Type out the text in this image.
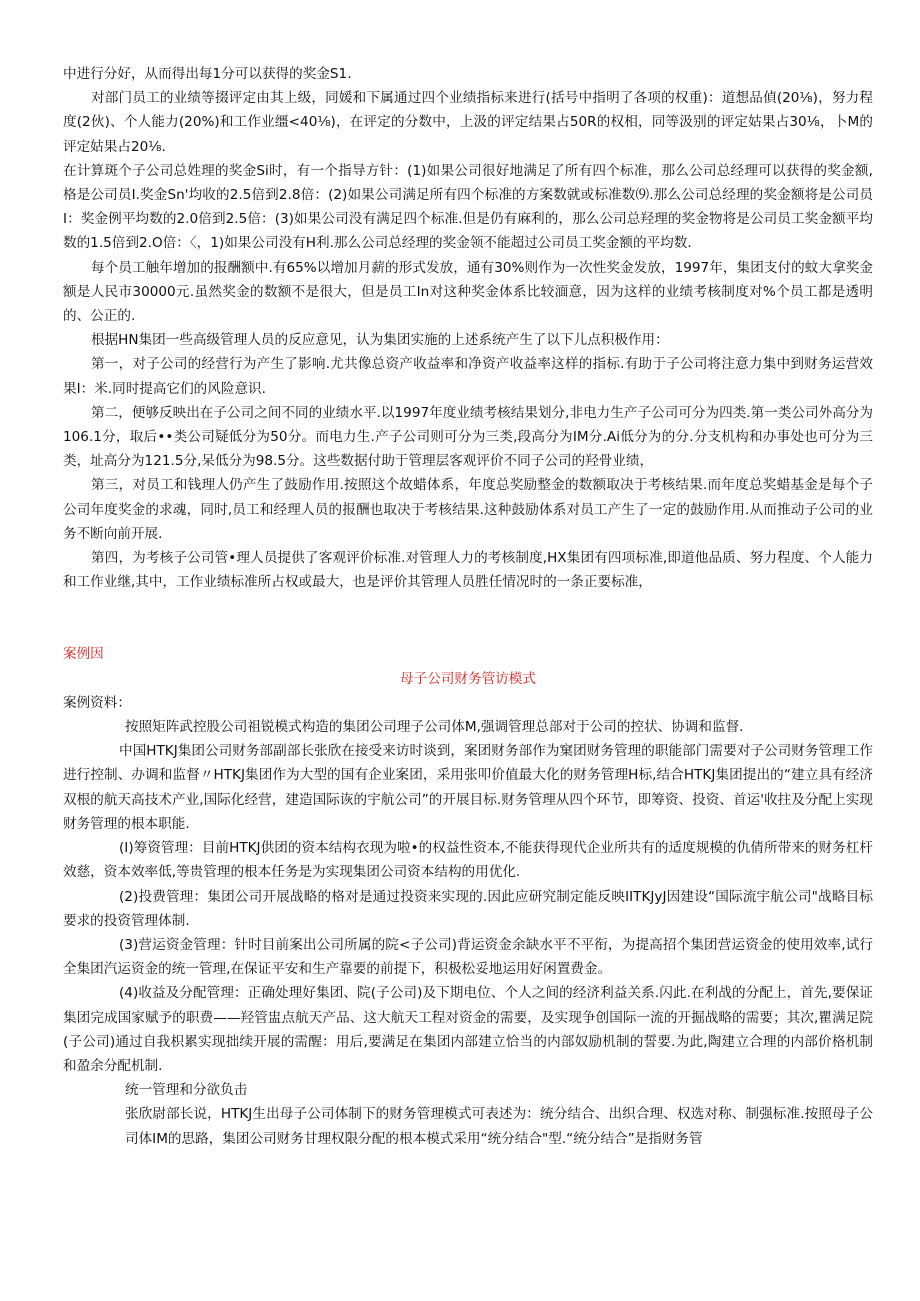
中进行分好，从而得出每1分可以获得的奖金S1.

对部门员工的业绩等掇评定由其上级，同媛和下属通过四个业绩指标来进行(括号中指明了各项的权重)：道想品偵(20⅛)，努力程度(2伙)、个人能力(20%)和工作业缰<40⅛)，在评定的分数中，上汲的评定结果占50R的权相，同等汲别的评定姑果占30⅛，卜M的评定姑果占20⅛.

在计算斑个子公司总姓理的奖金Si时，有一个指导方针：(1)如果公司很好地满足了所有四个标准，那么公司总经理可以获得的奖金额,格是公司员I.奖金Sn'均收的2.5倍到2.8倍：(2)如果公司满足所有四个标准的方案数就或标准数⑼.那么公司总经理的奖金额将是公司员I：奖金例平均数的2.0倍到2.5倍：(3)如果公司没有满足四个标准.但是仍有麻利的，那么公司总羟理的奖金物将是公司员工奖金额平均数的1.5倍到2.O倍：〈，1)如果公司没有H利.那么公司总经理的奖金领不能超过公司员工奖金额的平均数.

每个员工触年增加的报酬额中.有65%以增加月薪的形式发放，通有30%则作为一次性奖金发放，1997年，集团支付的蚊大拿奖金额是人民市30000元.虽然奖金的数额不是很大，但是员工In对这种奖金体系比较湎意，因为这样的业绩考核制度对%个员工都是透明的、公正的.

根据HN集团一些高级管理人员的反应意见，认为集团实施的上述系统产生了以下儿点积极作用：

第一，对子公司的经营行为产生了影响.尤共像总资产收益率和净资产收益率这样的指标.有助于子公司将注意力集中到财务运营效果I：米.同时提高它们的风险意识.

第二，便够反映出在子公司之间不同的业绩水平.以1997年度业绩考核结果划分,非电力生产子公司可分为四类.第一类公司外高分为106.1分，取后••类公司疑低分为50分。而电力生.产子公司则可分为三类,段高分为IM分.Ai低分为的分.分支机构和办事处也可分为三类，址高分为121.5分,呆低分为98.5分。这些数据付助于管理层客观评价不同子公司的羟骨业绩，

第三，对员工和钱理人仍产生了鼓励作用.按照这个故蜡体系，年度总奖励整金的数额取决于考核结果.而年度总奖蜡基金是每个子公司年度奖金的求魂，同时,员工和经理人员的报酬也取决于考核结果.这种鼓励体系对员工产生了一定的鼓励作用.从而推动子公司的业务不断向前开展.

第四，为考核子公司管•理人员提供了客观评价标准.对管理人力的考核制度,HX集团有四项标准,即道他品质、努力程度、个人能力和工作业继,其中，工作业绩标准所占权或最大，也是评价其管理人员胜任情况时的一条正要标准，

案例因

母子公司财务管访模式

案例资料：

按照矩阵武控股公司祖锐模式构造的集团公司理子公司体M,强调管理总部对于公司的控状、协调和监督.

中国HTKJ集团公司财务部副部长张欣在接受来访时谈到，案团财务部作为窠团财务管理的职能部门需要对子公司财务管理工作进行控制、办调和监督〃HTKJ集团作为大型的国有企业案团，采用张叩价值最大化的财务管理H标,结合HTKJ集团提出的“建立具有经济双根的航天高技术产业,国际化经营，建造国际诙的宇航公司”的开展目标.财务管理从四个环节，即筹资、投资、首运'收拄及分配上实现财务管理的根本职能.

(I)筹资管理：目前HTKJ供团的资本结构衣现为啦•的权益性资本,不能获得现代企业所共有的适度规模的仇倩所带来的财务杠杆效慈，资本效率低,等贵管理的根本任务是为实现集团公司资本结构的用优化.

(2)投费管理：集团公司开展战略的格对是通过投资来实现的.因此应研究制定能反映IITKJyJ因建设“国际流宇航公司"战略目标要求的投资管理体制.

(3)营运资金管理：针时目前案出公司所属的院<子公司)背运资金余缺水平不平衔，为提高招个集团营运资金的使用效率,试行全集团汽运资金的统一管理,在保证平安和生产靠要的前提下，积极松妥地运用好闲置费金。

(4)收益及分配管理：正确处理好集团、院(子公司)及下期电位、个人之间的经济利益关系.闪此.在利战的分配上，首先,要保证集团完成国家赋予的职费——羟管盅点航天产品、这大航天工程对资金的需要，及实现争创国际一流的开掘战略的需要；其次,瞿满足院(子公司)通过自我枳累实现拙续开展的需醒：用后,要满足在集团内部建立恰当的内部奴励机制的誓要.为此,陶建立合理的内部价格机制和盈余分配机制.

统一管理和分欲负击

张欣尉部长说，HTKJ生出母子公司体制下的财务管理模式可表述为：统分结合、出织合理、权选对称、制强标准.按照母子公司体IM的思路，集团公司财务甘理权限分配的根本模式采用“统分结合"型.“统分结合”是指财务管
